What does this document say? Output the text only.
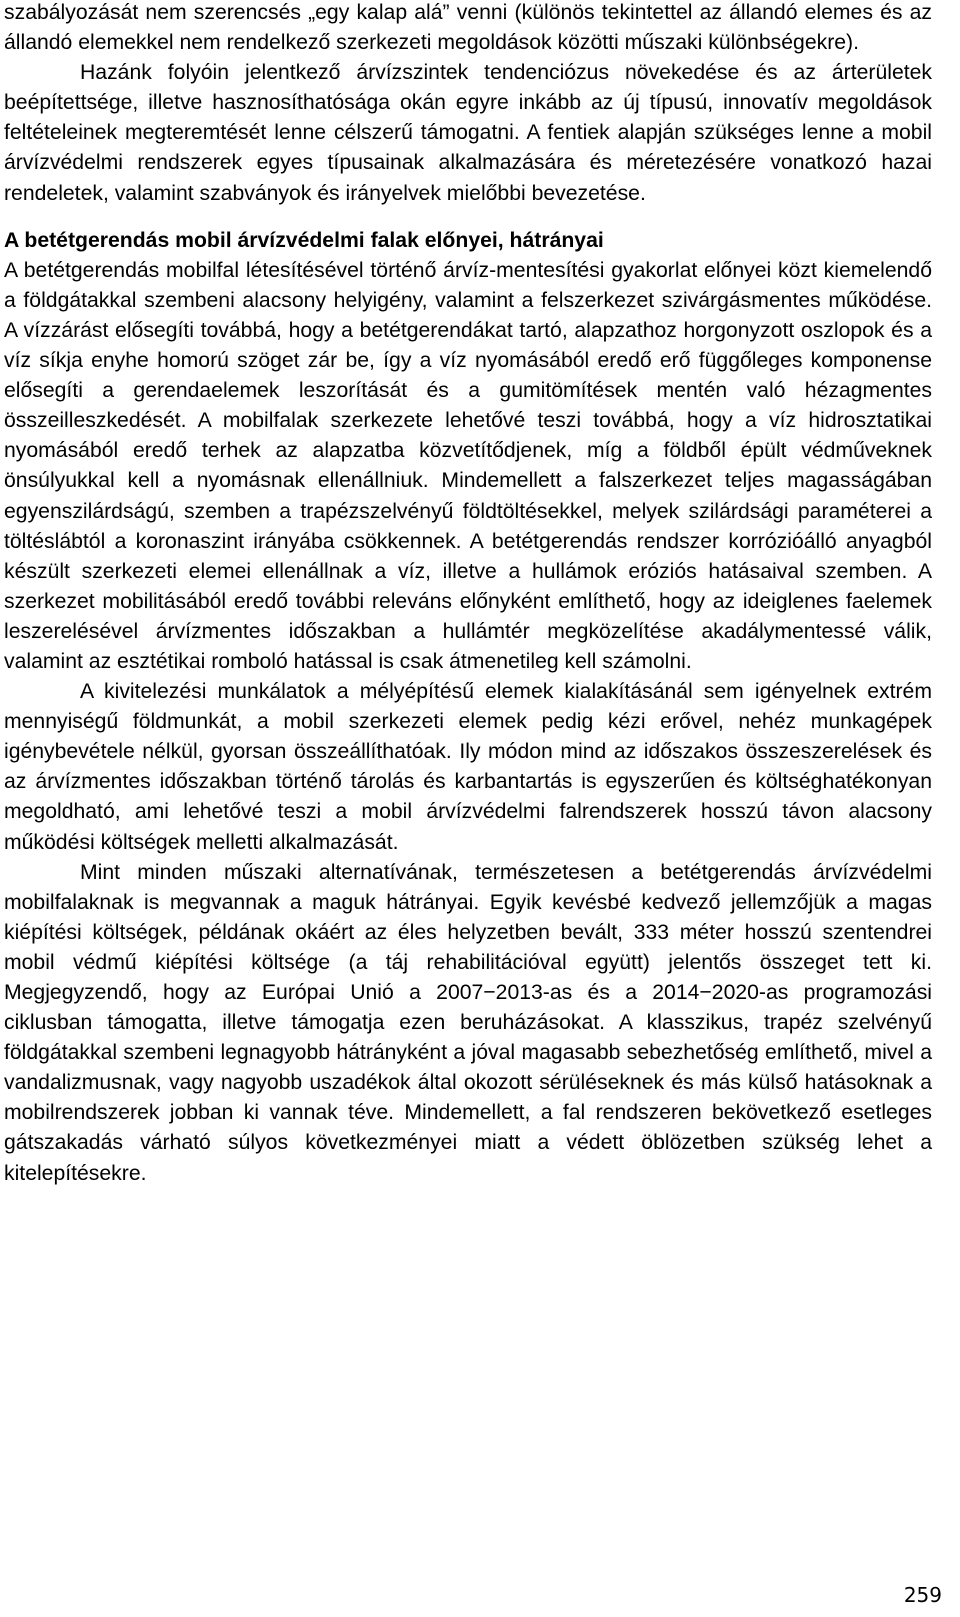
szabályozását nem szerencsés „egy kalap alá” venni (különös tekintettel az állandó elemes és az állandó elemekkel nem rendelkező szerkezeti megoldások közötti műszaki különbségekre).

Hazánk folyóin jelentkező árvízszintek tendenciózus növekedése és az árterületek beépítettsége, illetve hasznosíthatósága okán egyre inkább az új típusú, innovatív megoldások feltételeinek megteremtését lenne célszerű támogatni. A fentiek alapján szükséges lenne a mobil árvízvédelmi rendszerek egyes típusainak alkalmazására és méretezésére vonatkozó hazai rendeletek, valamint szabványok és irányelvek mielőbbi bevezetése.

A betétgerendás mobil árvízvédelmi falak előnyei, hátrányai

A betétgerendás mobilfal létesítésével történő árvíz-mentesítési gyakorlat előnyei közt kiemelendő a földgátakkal szembeni alacsony helyigény, valamint a felszerkezet szivárgásmentes működése. A vízzárást elősegíti továbbá, hogy a betétgerendákat tartó, alapzathoz horgonyzott oszlopok és a víz síkja enyhe homorú szöget zár be, így a víz nyomásából eredő erő függőleges komponense elősegíti a gerendaelemek leszorítását és a gumitömítések mentén való hézagmentes összeilleszkedését. A mobilfalak szerkezete lehetővé teszi továbbá, hogy a víz hidrosztatikai nyomásából eredő terhek az alapzatba közvetítődjenek, míg a földből épült védműveknek önsúlyukkal kell a nyomásnak ellenállniuk. Mindemellett a falszerkezet teljes magasságában egyenszilárdságú, szemben a trapézszelvényű földtöltésekkel, melyek szilárdsági paraméterei a töltéslábtól a koronaszint irányába csökkennek. A betétgerendás rendszer korrózióálló anyagból készült szerkezeti elemei ellenállnak a víz, illetve a hullámok eróziós hatásaival szemben. A szerkezet mobilitásából eredő további releváns előnyként említhető, hogy az ideiglenes faelemek leszerelésével árvízmentes időszakban a hullámtér megközelítése akadálymentessé válik, valamint az esztétikai romboló hatással is csak átmenetileg kell számolni.

A kivitelezési munkálatok a mélyépítésű elemek kialakításánál sem igényelnek extrém mennyiségű földmunkát, a mobil szerkezeti elemek pedig kézi erővel, nehéz munkagépek igénybevétele nélkül, gyorsan összeállíthatóak. Ily módon mind az időszakos összeszerelések és az árvízmentes időszakban történő tárolás és karbantartás is egyszerűen és költséghatékonyan megoldható, ami lehetővé teszi a mobil árvízvédelmi falrendszerek hosszú távon alacsony működési költségek melletti alkalmazását.

Mint minden műszaki alternatívának, természetesen a betétgerendás árvízvédelmi mobilfalaknak is megvannak a maguk hátrányai. Egyik kevésbé kedvező jellemzőjük a magas kiépítési költségek, példának okáért az éles helyzetben bevált, 333 méter hosszú szentendrei mobil védmű kiépítési költsége (a táj rehabilitációval együtt) jelentős összeget tett ki. Megjegyzendő, hogy az Európai Unió a 2007−2013-as és a 2014−2020-as programozási ciklusban támogatta, illetve támogatja ezen beruházásokat. A klasszikus, trapéz szelvényű földgátakkal szembeni legnagyobb hátrányként a jóval magasabb sebezhetőség említhető, mivel a vandalizmusnak, vagy nagyobb uszadékok által okozott sérüléseknek és más külső hatásoknak a mobilrendszerek jobban ki vannak téve. Mindemellett, a fal rendszeren bekövetkező esetleges gátszakadás várható súlyos következményei miatt a védett öblözetben szükség lehet a kitelepítésekre.

259
